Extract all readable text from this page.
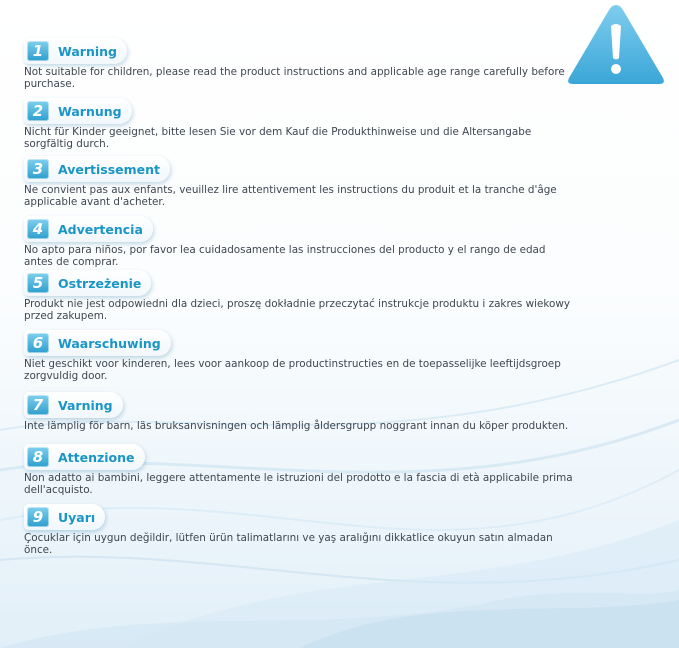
1	Warning
Not suitable for children, please read the product instructions and applicable age range carefully before purchase.
2	Warnung
Nicht für Kinder geeignet, bitte lesen Sie vor dem Kauf die Produkthinweise und die Altersangabe sorgfältig durch.
3	Avertissement
Ne convient pas aux enfants, veuillez lire attentivement les instructions du produit et la tranche d'âge applicable avant d'acheter.
4	Advertencia
No apto para niños, por favor lea cuidadosamente las instrucciones del producto y el rango de edad antes de comprar.
5	Ostrzeżenie
Produkt nie jest odpowiedni dla dzieci, proszę dokładnie przeczytać instrukcje produktu i zakres wiekowy przed zakupem.
6	Waarschuwing
Niet geschikt voor kinderen, lees voor aankoop de productinstructies en de toepasselijke leeftijdsgroep zorgvuldig door.
7	Varning
Inte lämplig för barn, läs bruksanvisningen och lämplig åldersgrupp noggrant innan du köper produkten.
8	Attenzione
Non adatto ai bambini, leggere attentamente le istruzioni del prodotto e la fascia di età applicabile prima dell'acquisto.
9	Uyarı
Çocuklar için uygun değildir, lütfen ürün talimatlarını ve yaş aralığını dikkatlice okuyun satın almadan önce.
